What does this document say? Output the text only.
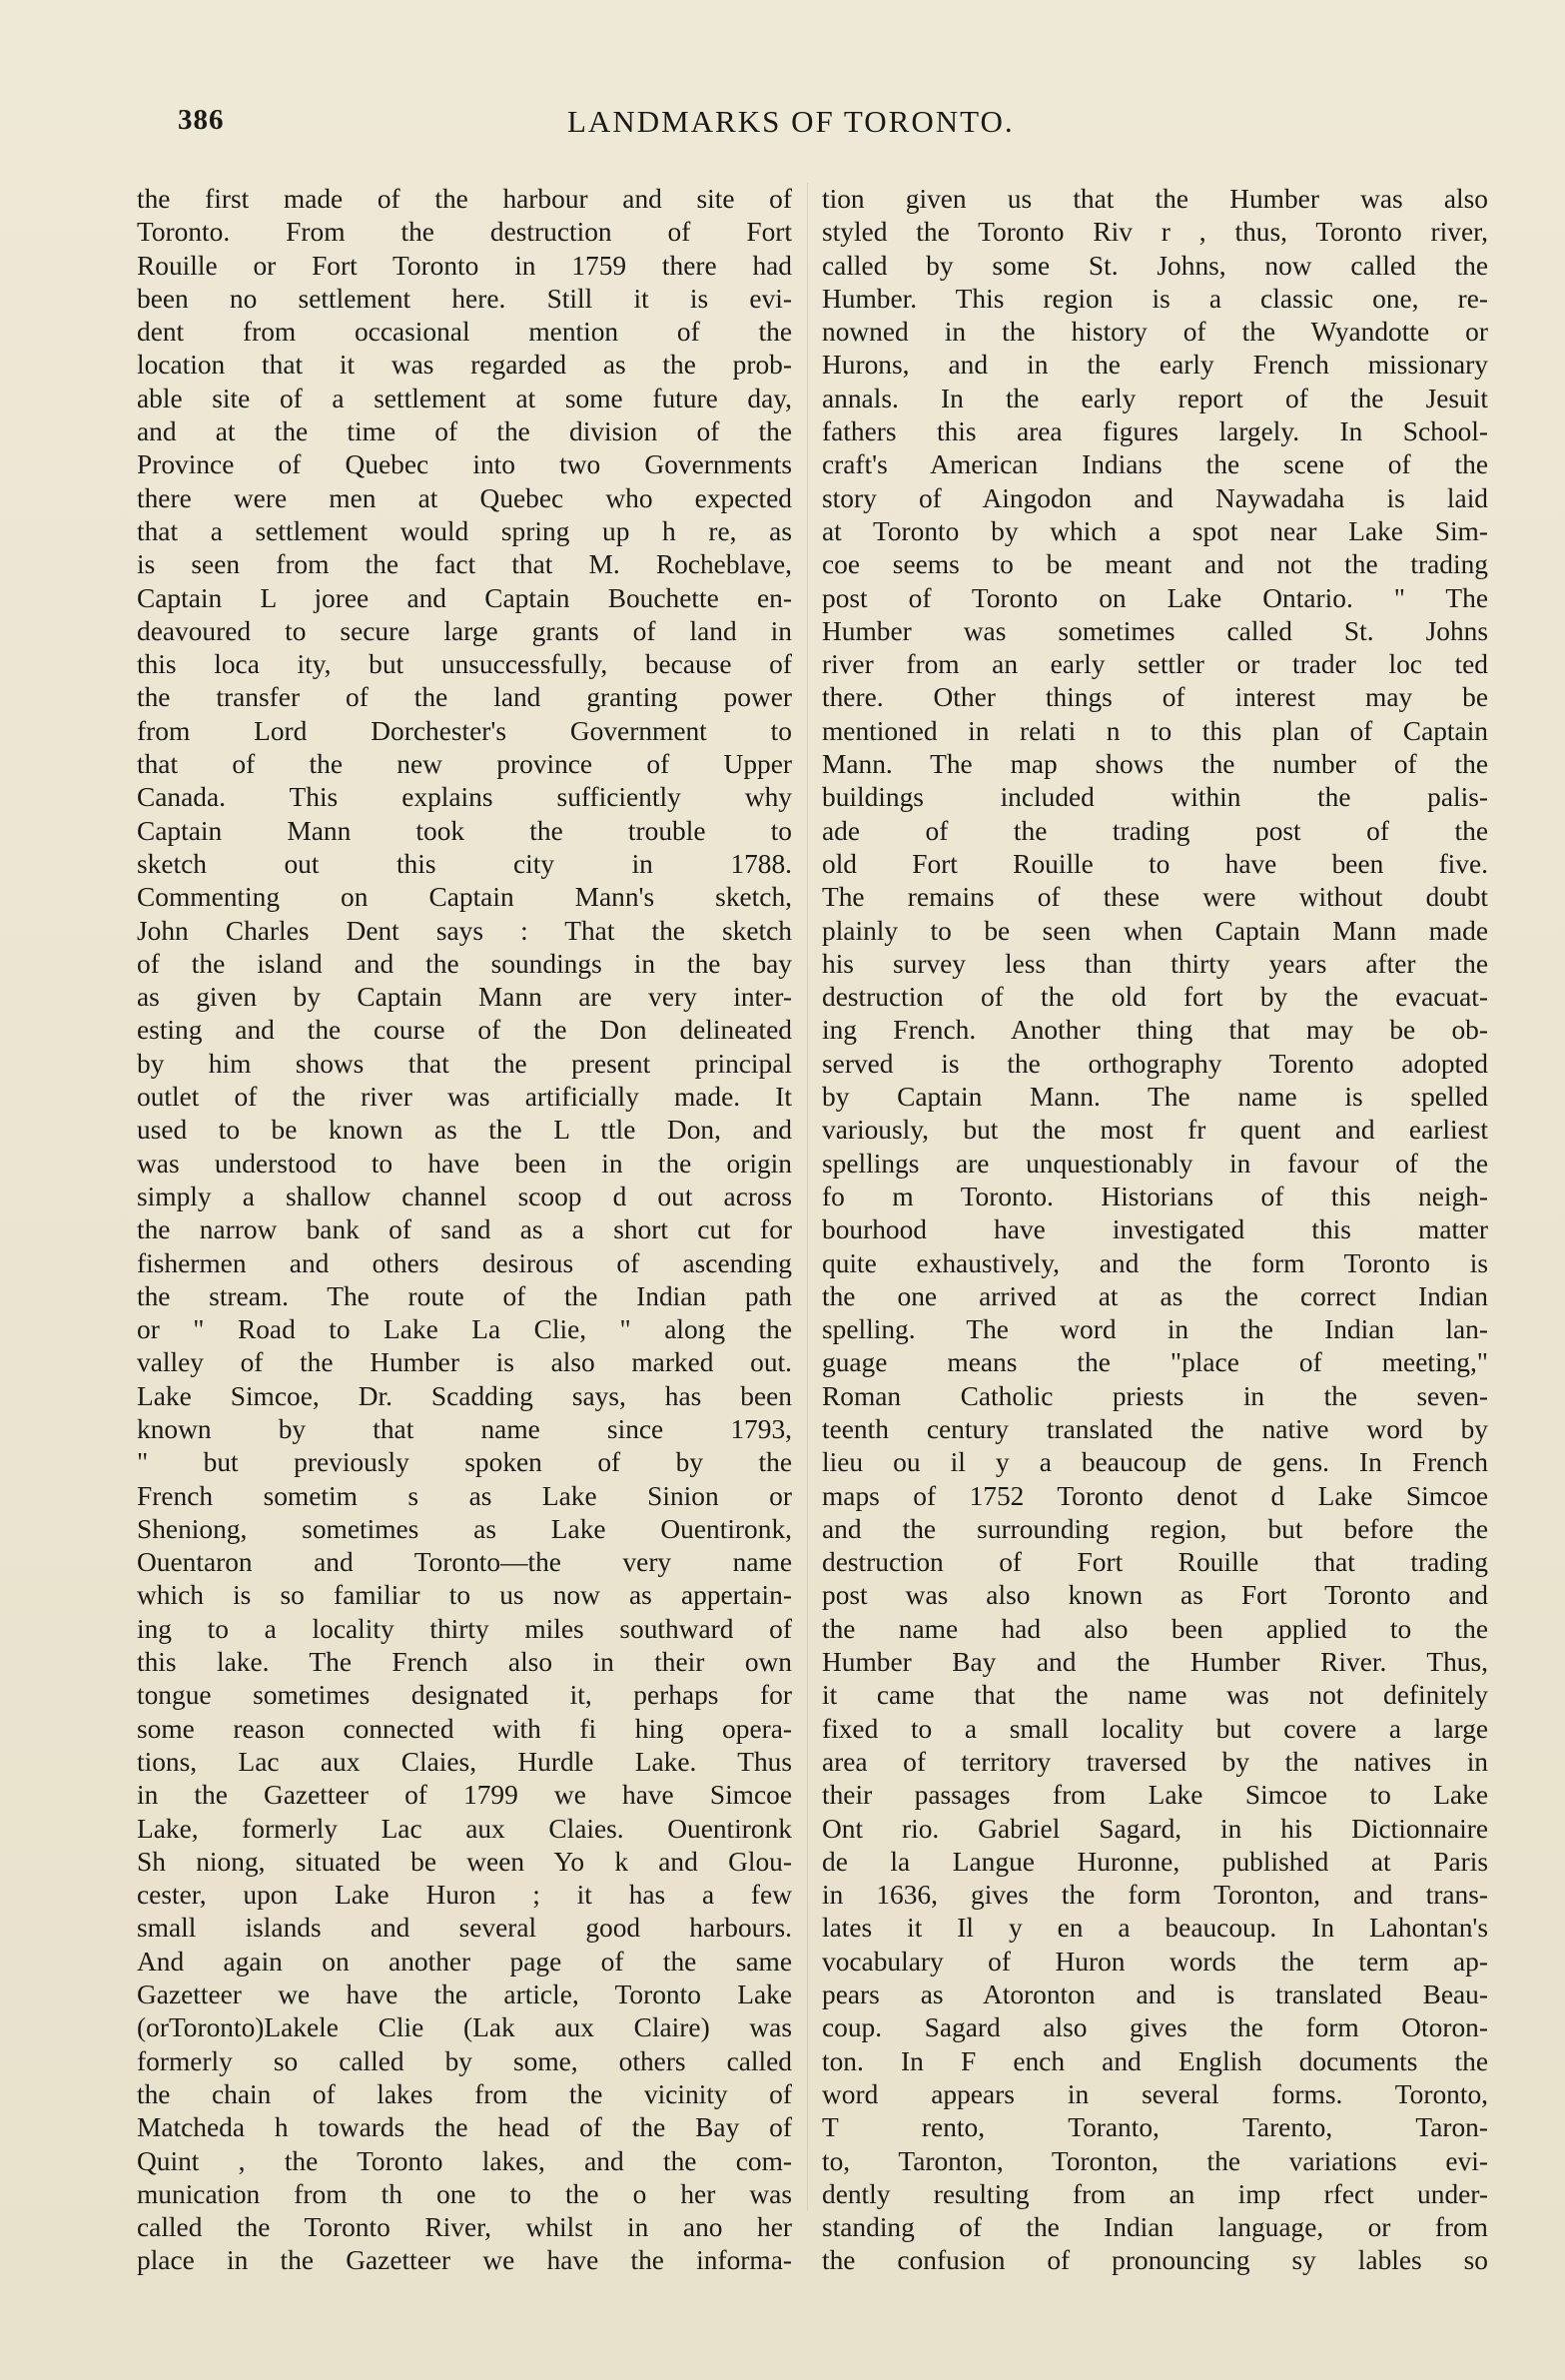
386	LANDMARKS OF TORONTO.
the first made of the harbour and site of
Toronto. From the destruction of Fort
Rouille or Fort Toronto in 1759 there had
been no settlement here. Still it is evi-
dent from occasional mention of the
location that it was regarded as the prob-
able site of a settlement at some future day,
and at the time of the division of the
Province of Quebec into two Governments
there were men at Quebec who expected
that a settlement would spring up h re, as
is seen from the fact that M. Rocheblave,
Captain L joree and Captain Bouchette en-
deavoured to secure large grants of land in
this loca ity, but unsuccessfully, because of
the transfer of the land granting power
from Lord Dorchester's Government to
that of the new province of Upper
Canada. This explains sufficiently why
Captain Mann took the trouble to
sketch out this city in 1788.
Commenting on Captain Mann's sketch,
John Charles Dent says : That the sketch
of the island and the soundings in the bay
as given by Captain Mann are very inter-
esting and the course of the Don delineated
by him shows that the present principal
outlet of the river was artificially made. It
used to be known as the L ttle Don, and
was understood to have been in the origin
simply a shallow channel scoop d out across
the narrow bank of sand as a short cut for
fishermen and others desirous of ascending
the stream. The route of the Indian path
or " Road to Lake La Clie, " along the
valley of the Humber is also marked out.
Lake Simcoe, Dr. Scadding says, has been
known by that name since 1793,
" but previously spoken of by the
French sometim s as Lake Sinion or
Sheniong, sometimes as Lake Ouentironk,
Ouentaron and Toronto—the very name
which is so familiar to us now as appertain-
ing to a locality thirty miles southward of
this lake. The French also in their own
tongue sometimes designated it, perhaps for
some reason connected with fi hing opera-
tions, Lac aux Claies, Hurdle Lake. Thus
in the Gazetteer of 1799 we have Simcoe
Lake, formerly Lac aux Claies. Ouentironk
Sh niong, situated be ween Yo k and Glou-
cester, upon Lake Huron ; it has a few
small islands and several good harbours.
And again on another page of the same
Gazetteer we have the article, Toronto Lake
(orToronto)Lakele Clie (Lak aux Claire) was
formerly so called by some, others called
the chain of lakes from the vicinity of
Matcheda h towards the head of the Bay of
Quint , the Toronto lakes, and the com-
munication from th one to the o her was
called the Toronto River, whilst in ano her
place in the Gazetteer we have the informa-
tion given us that the Humber was also
styled the Toronto Riv r , thus, Toronto river,
called by some St. Johns, now called the
Humber. This region is a classic one, re-
nowned in the history of the Wyandotte or
Hurons, and in the early French missionary
annals. In the early report of the Jesuit
fathers this area figures largely. In School-
craft's American Indians the scene of the
story of Aingodon and Naywadaha is laid
at Toronto by which a spot near Lake Sim-
coe seems to be meant and not the trading
post of Toronto on Lake Ontario. " The
Humber was sometimes called St. Johns
river from an early settler or trader loc ted
there. Other things of interest may be
mentioned in relati n to this plan of Captain
Mann. The map shows the number of the
buildings included within the palis-
ade of the trading post of the
old Fort Rouille to have been five.
The remains of these were without doubt
plainly to be seen when Captain Mann made
his survey less than thirty years after the
destruction of the old fort by the evacuat-
ing French. Another thing that may be ob-
served is the orthography Torento adopted
by Captain Mann. The name is spelled
variously, but the most fr quent and earliest
spellings are unquestionably in favour of the
fo m Toronto. Historians of this neigh-
bourhood have investigated this matter
quite exhaustively, and the form Toronto is
the one arrived at as the correct Indian
spelling. The word in the Indian lan-
guage means the "place of meeting,"
Roman Catholic priests in the seven-
teenth century translated the native word by
lieu ou il y a beaucoup de gens. In French
maps of 1752 Toronto denot d Lake Simcoe
and the surrounding region, but before the
destruction of Fort Rouille that trading
post was also known as Fort Toronto and
the name had also been applied to the
Humber Bay and the Humber River. Thus,
it came that the name was not definitely
fixed to a small locality but covere a large
area of territory traversed by the natives in
their passages from Lake Simcoe to Lake
Ont rio. Gabriel Sagard, in his Dictionnaire
de la Langue Huronne, published at Paris
in 1636, gives the form Toronton, and trans-
lates it Il y en a beaucoup. In Lahontan's
vocabulary of Huron words the term ap-
pears as Atoronton and is translated Beau-
coup. Sagard also gives the form Otoron-
ton. In F ench and English documents the
word appears in several forms. Toronto,
T rento, Toranto, Tarento, Taron-
to, Taronton, Toronton, the variations evi-
dently resulting from an imp rfect under-
standing of the Indian language, or from
the confusion of pronouncing sy lables so
